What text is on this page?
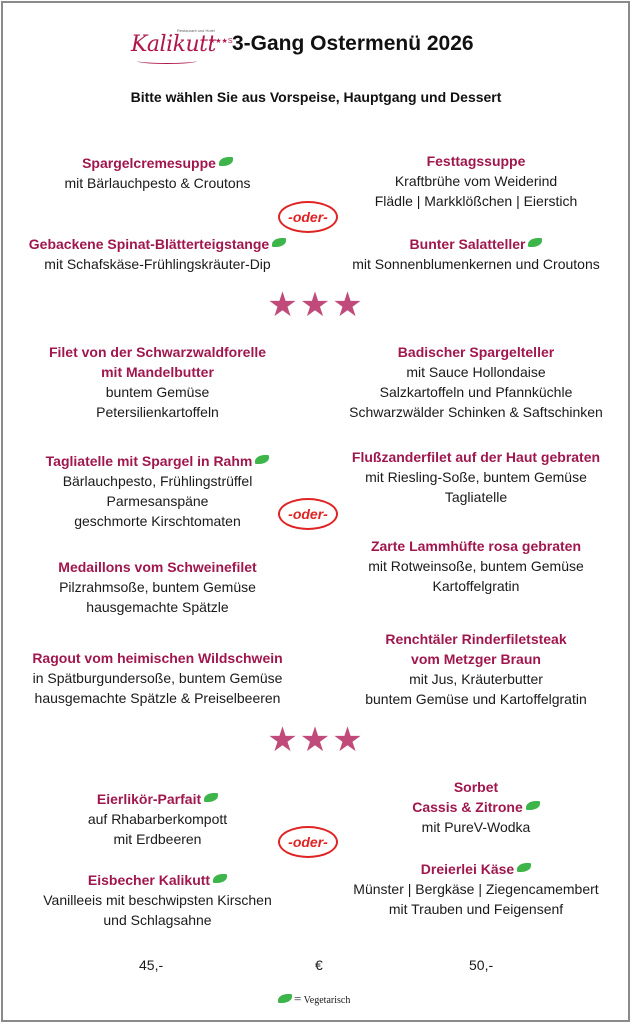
Restaurant und Hotel
Kalikutt
★★★S 3-Gang Ostermenü 2026
Bitte wählen Sie aus Vorspeise, Hauptgang und Dessert
Spargelcremesuppe
mit Bärlauchpesto & Croutons
Gebackene Spinat-Blätterteigstange
mit Schafskäse-Frühlingskräuter-Dip
Festtagssuppe
Kraftbrühe vom Weiderind
Flädle | Markklößchen | Eierstich
Bunter Salatteller
mit Sonnenblumenkernen und Croutons
-oder-
★★★
Filet von der Schwarzwaldforelle
mit Mandelbutter
buntem Gemüse
Petersilienkartoffeln
Tagliatelle mit Spargel in Rahm
Bärlauchpesto, Frühlingstrüffel
Parmesanspäne
geschmorte Kirschtomaten
Medaillons vom Schweinefilet
Pilzrahmsoße, buntem Gemüse
hausgemachte Spätzle
Ragout vom heimischen Wildschwein
in Spätburgundersoße, buntem Gemüse
hausgemachte Spätzle & Preiselbeeren
Badischer Spargelteller
mit Sauce Hollondaise
Salzkartoffeln und Pfannküchle
Schwarzwälder Schinken & Saftschinken
Flußzanderfilet auf der Haut gebraten
mit Riesling-Soße, buntem Gemüse
Tagliatelle
Zarte Lammhüfte rosa gebraten
mit Rotweinsoße, buntem Gemüse
Kartoffelgratin
Renchtäler Rinderfiletsteak
vom Metzger Braun
mit Jus, Kräuterbutter
buntem Gemüse und Kartoffelgratin
-oder-
★★★
Eierlikör-Parfait
auf Rhabarberkompott
mit Erdbeeren
Eisbecher Kalikutt
Vanilleeis mit beschwipsten Kirschen
und Schlagsahne
Sorbet
Cassis & Zitrone
mit PureV-Wodka
Dreierlei Käse
Münster | Bergkäse | Ziegencamembert
mit Trauben und Feigensenf
-oder-
45,-	€	50,-
= Vegetarisch
